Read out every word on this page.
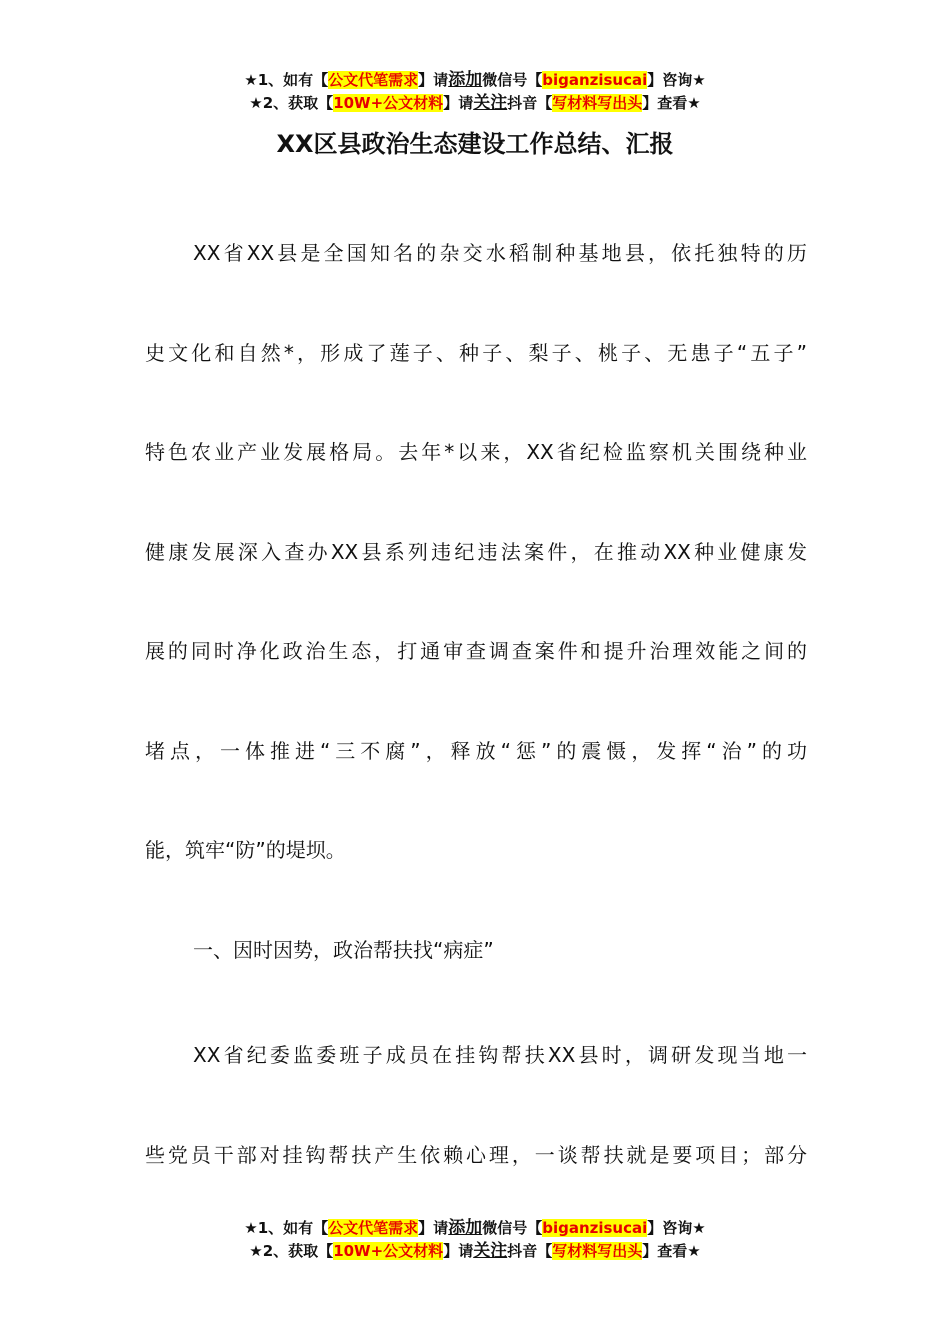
★1、如有【公文代笔需求】请添加微信号【biganzisucai】咨询★
★2、获取【10W+公文材料】请关注抖音【写材料写出头】查看★
XX区县政治生态建设工作总结、汇报
XX省XX县是全国知名的杂交水稻制种基地县，依托独特的历
史文化和自然*，形成了莲子、种子、梨子、桃子、无患子“五子”
特色农业产业发展格局。去年*以来，XX省纪检监察机关围绕种业
健康发展深入查办XX县系列违纪违法案件，在推动XX种业健康发
展的同时净化政治生态，打通审查调查案件和提升治理效能之间的
堵点，一体推进“三不腐”，释放“惩”的震慑，发挥“治”的功
能，筑牢“防”的堤坝。
一、因时因势，政治帮扶找“病症”
XX省纪委监委班子成员在挂钩帮扶XX县时，调研发现当地一
些党员干部对挂钩帮扶产生依赖心理，一谈帮扶就是要项目；部分
★1、如有【公文代笔需求】请添加微信号【biganzisucai】咨询★
★2、获取【10W+公文材料】请关注抖音【写材料写出头】查看★
